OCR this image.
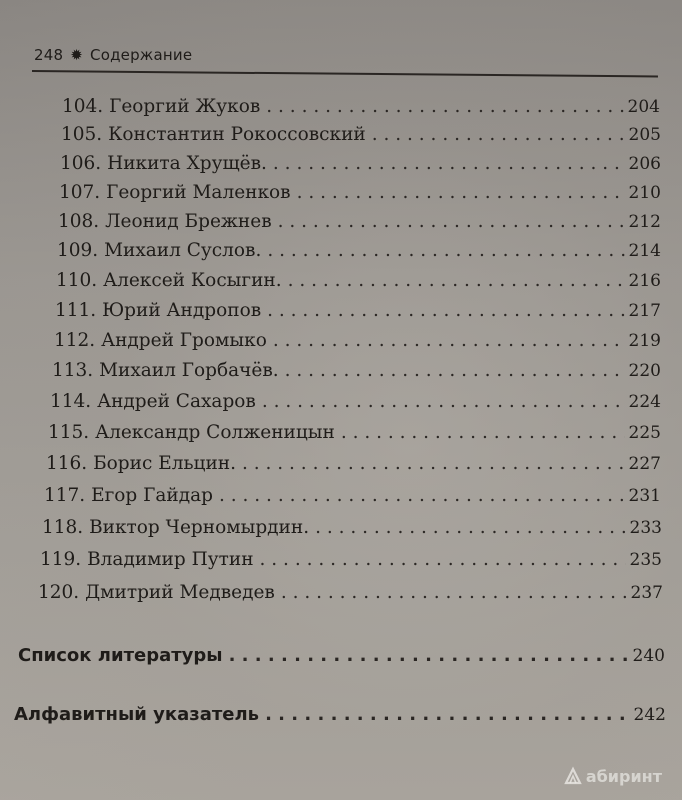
248 ✹ Содержание
104. Георгий Жуков . . .	204
105. Константин Рокоссовский . . .	205
106. Никита Хрущёв. . . .	206
107. Георгий Маленков . . .	210
108. Леонид Брежнев . . .	212
109. Михаил Суслов. . . .	214
110. Алексей Косыгин. . . .	216
111. Юрий Андропов . . .	217
112. Андрей Громыко . . .	219
113. Михаил Горбачёв. . . .	220
114. Андрей Сахаров . . .	224
115. Александр Солженицын . . .	225
116. Борис Ельцин. . . .	227
117. Егор Гайдар . . .	231
118. Виктор Черномырдин. . . .	233
119. Владимир Путин . . .	235
120. Дмитрий Медведев . . .	237
Список литературы . . .	240
Алфавитный указатель . . .	242
абиринт
